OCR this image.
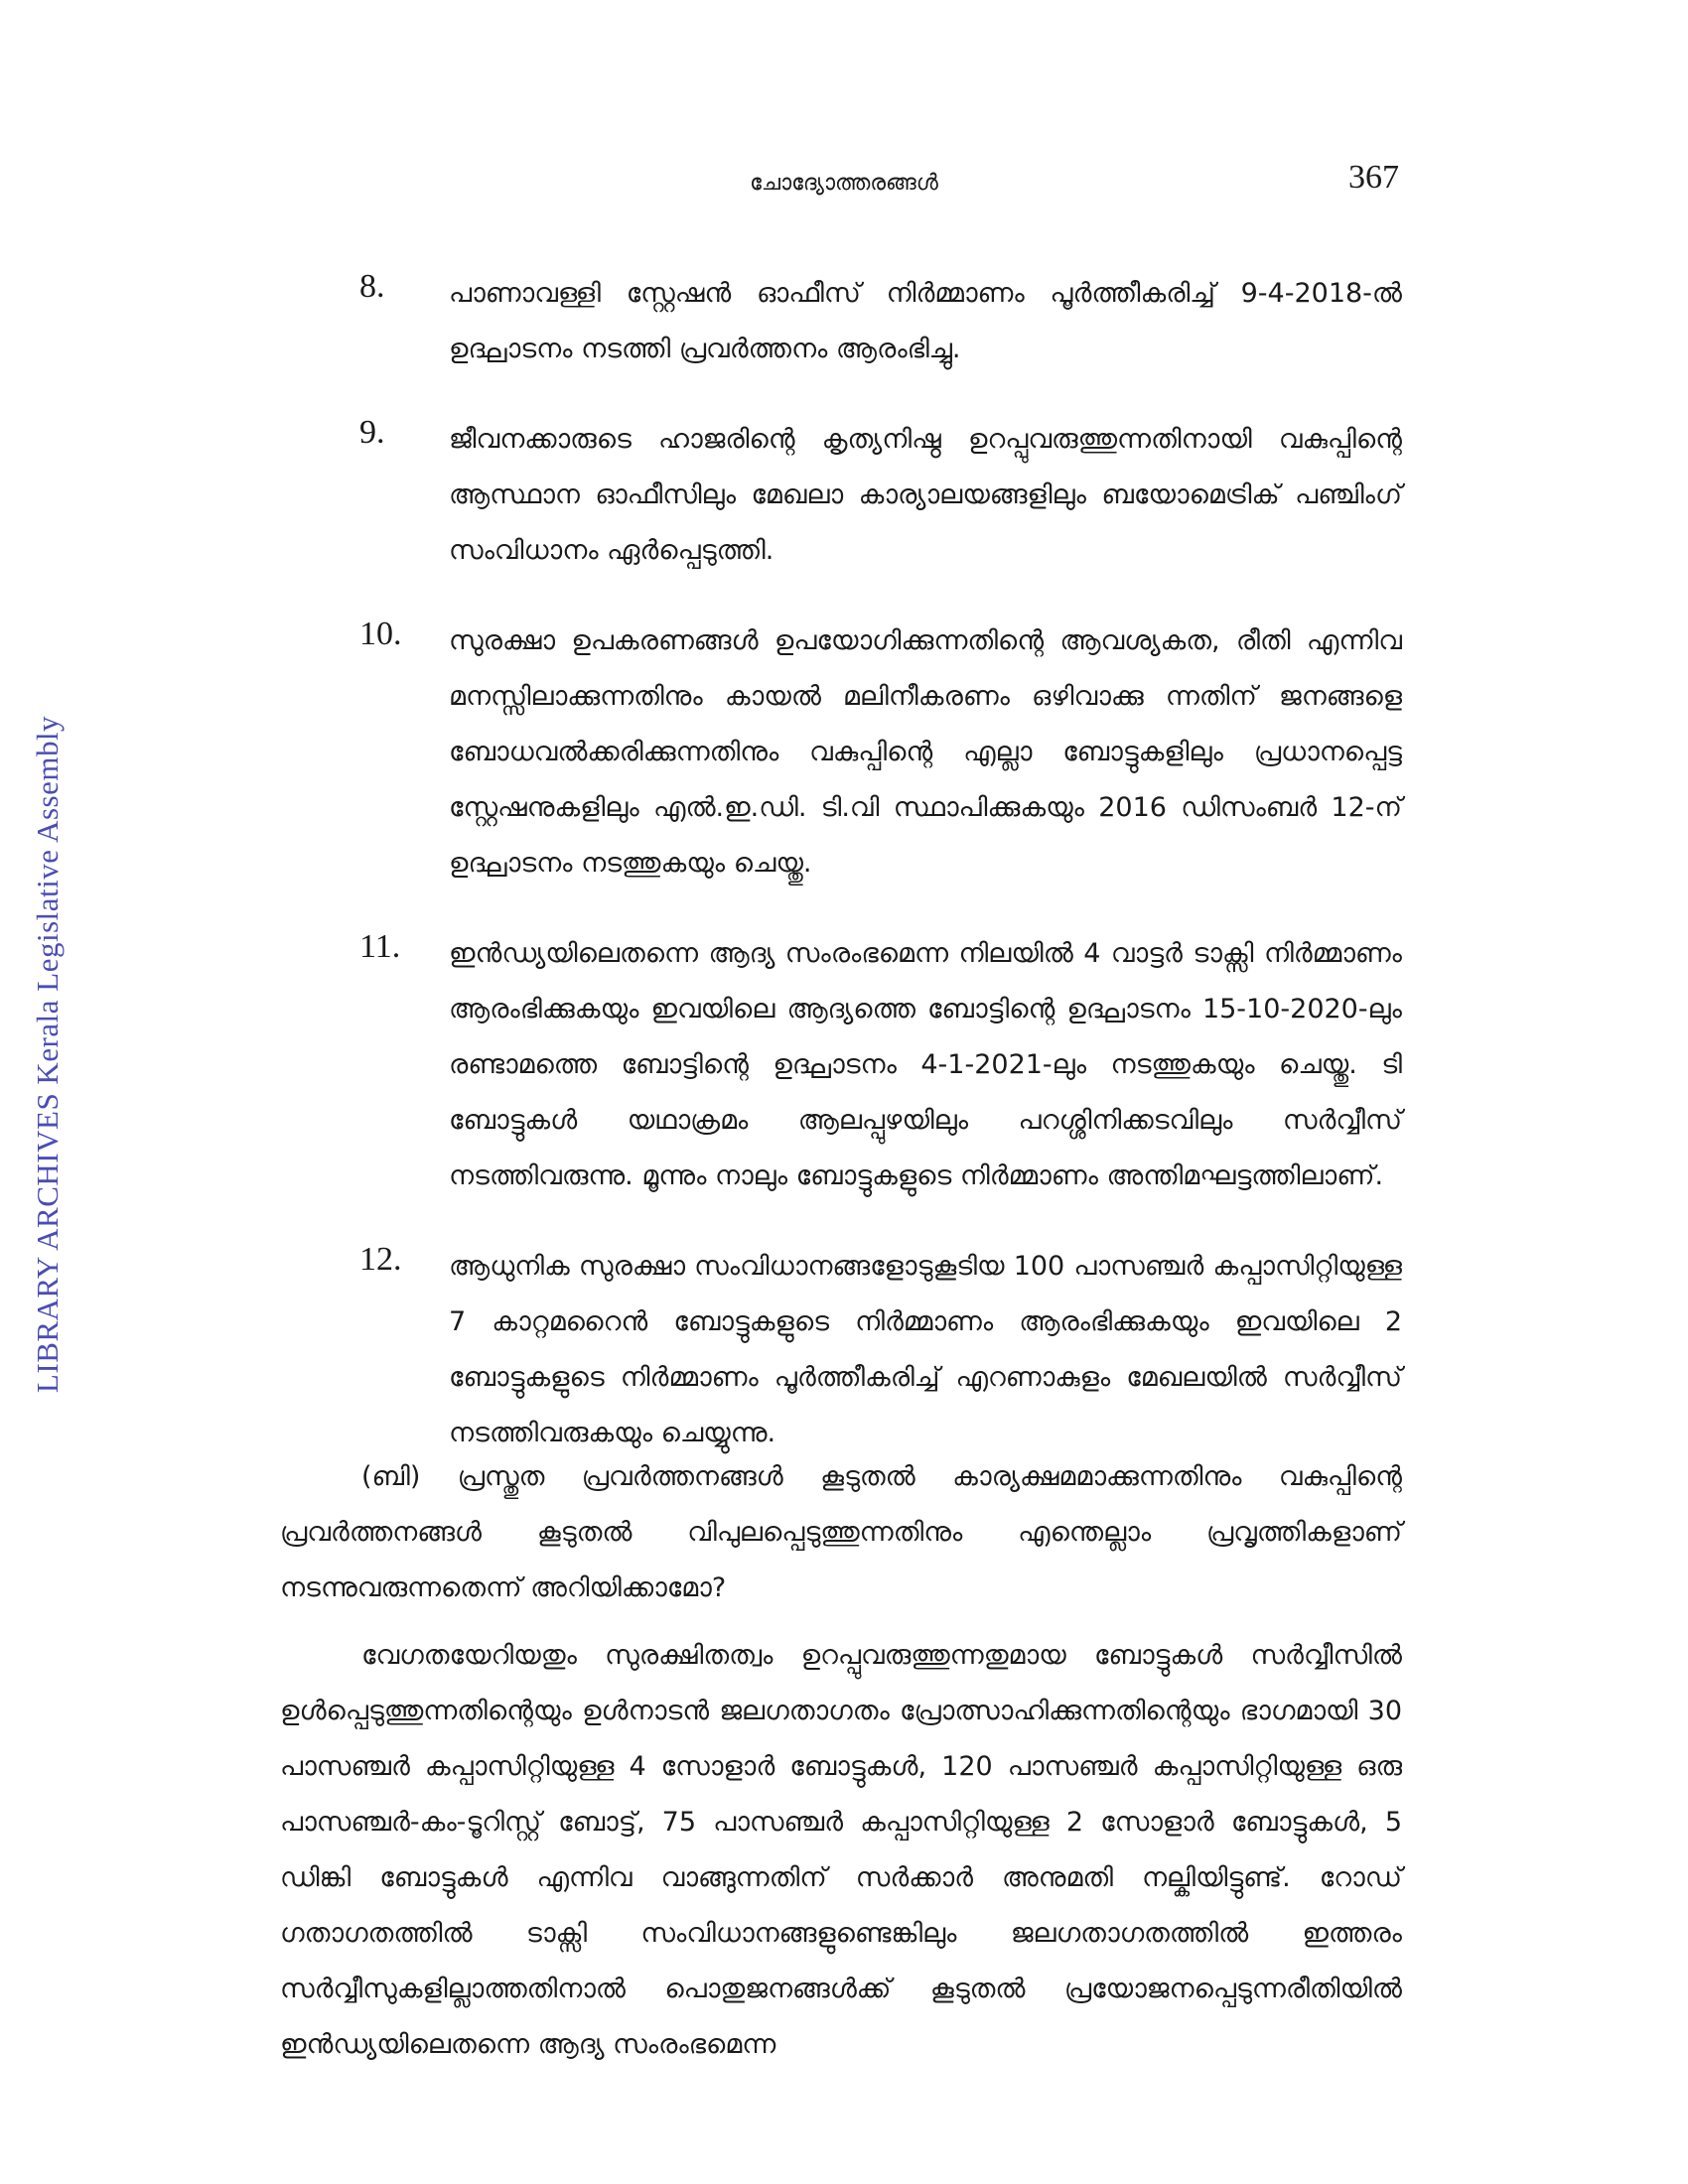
LIBRARY ARCHIVES Kerala Legislative Assembly
ചോദ്യോത്തരങ്ങൾ	367
8. പാണാവള്ളി സ്റ്റേഷൻ ഓഫീസ് നിർമ്മാണം പൂർത്തീകരിച്ച് 9-4-2018-ൽ ഉദ്ഘാടനം നടത്തി പ്രവർത്തനം ആരംഭിച്ചു.
9. ജീവനക്കാരുടെ ഹാജരിന്റെ കൃത്യനിഷ്ഠ ഉറപ്പുവരുത്തുന്നതിനായി വകുപ്പിന്റെ ആസ്ഥാന ഓഫീസിലും മേഖലാ കാര്യാലയങ്ങളിലും ബയോമെട്രിക് പഞ്ചിംഗ് സംവിധാനം ഏർപ്പെടുത്തി.
10. സുരക്ഷാ ഉപകരണങ്ങൾ ഉപയോഗിക്കുന്നതിന്റെ ആവശ്യകത, രീതി എന്നിവ മനസ്സിലാക്കുന്നതിനും കായൽ മലിനീകരണം ഒഴിവാക്കു ന്നതിന് ജനങ്ങളെ ബോധവൽക്കരിക്കുന്നതിനും വകുപ്പിന്റെ എല്ലാ ബോട്ടുകളിലും പ്രധാനപ്പെട്ട സ്റ്റേഷനുകളിലും എൽ.ഇ.ഡി. ടി.വി സ്ഥാപിക്കുകയും 2016 ഡിസംബർ 12-ന് ഉദ്ഘാടനം നടത്തുകയും ചെയ്തു.
11. ഇൻഡ്യയിലെതന്നെ ആദ്യ സംരംഭമെന്ന നിലയിൽ 4 വാട്ടർ ടാക്സി നിർമ്മാണം ആരംഭിക്കുകയും ഇവയിലെ ആദ്യത്തെ ബോട്ടിന്റെ ഉദ്ഘാടനം 15-10-2020-ലും രണ്ടാമത്തെ ബോട്ടിന്റെ ഉദ്ഘാടനം 4-1-2021-ലും നടത്തുകയും ചെയ്തു. ടി ബോട്ടുകൾ യഥാക്രമം ആലപ്പുഴയിലും പറശ്ശിനിക്കടവിലും സർവ്വീസ് നടത്തിവരുന്നു. മൂന്നും നാലും ബോട്ടുകളുടെ നിർമ്മാണം അന്തിമഘട്ടത്തിലാണ്.
12. ആധുനിക സുരക്ഷാ സംവിധാനങ്ങളോടുകൂടിയ 100 പാസഞ്ചർ കപ്പാസിറ്റിയുള്ള 7 കാറ്റമറൈൻ ബോട്ടുകളുടെ നിർമ്മാണം ആരംഭിക്കുകയും ഇവയിലെ 2 ബോട്ടുകളുടെ നിർമ്മാണം പൂർത്തീകരിച്ച് എറണാകുളം മേഖലയിൽ സർവ്വീസ് നടത്തിവരുകയും ചെയ്യുന്നു.
(ബി) പ്രസ്തുത പ്രവർത്തനങ്ങൾ കൂടുതൽ കാര്യക്ഷമമാക്കുന്നതിനും വകുപ്പിന്റെ പ്രവർത്തനങ്ങൾ കൂടുതൽ വിപുലപ്പെടുത്തുന്നതിനും എന്തെല്ലാം പ്രവൃത്തികളാണ് നടന്നുവരുന്നതെന്ന് അറിയിക്കാമോ?
വേഗതയേറിയതും സുരക്ഷിതത്വം ഉറപ്പുവരുത്തുന്നതുമായ ബോട്ടുകൾ സർവ്വീസിൽ ഉൾപ്പെടുത്തുന്നതിന്റെയും ഉൾനാടൻ ജലഗതാഗതം പ്രോത്സാഹിക്കുന്നതിന്റെയും ഭാഗമായി 30 പാസഞ്ചർ കപ്പാസിറ്റിയുള്ള 4 സോളാർ ബോട്ടുകൾ, 120 പാസഞ്ചർ കപ്പാസിറ്റിയുള്ള ഒരു പാസഞ്ചർ-കം-ടൂറിസ്റ്റ് ബോട്ട്, 75 പാസഞ്ചർ കപ്പാസിറ്റിയുള്ള 2 സോളാർ ബോട്ടുകൾ, 5 ഡിങ്കി ബോട്ടുകൾ എന്നിവ വാങ്ങുന്നതിന് സർക്കാർ അനുമതി നല്കിയിട്ടുണ്ട്. റോഡ് ഗതാഗതത്തിൽ ടാക്സി സംവിധാനങ്ങളുണ്ടെങ്കിലും ജലഗതാഗതത്തിൽ ഇത്തരം സർവ്വീസുകളില്ലാത്തതിനാൽ പൊതുജനങ്ങൾക്ക് കൂടുതൽ പ്രയോജനപ്പെടുന്നരീതിയിൽ ഇൻഡ്യയിലെതന്നെ ആദ്യ സംരംഭമെന്ന
